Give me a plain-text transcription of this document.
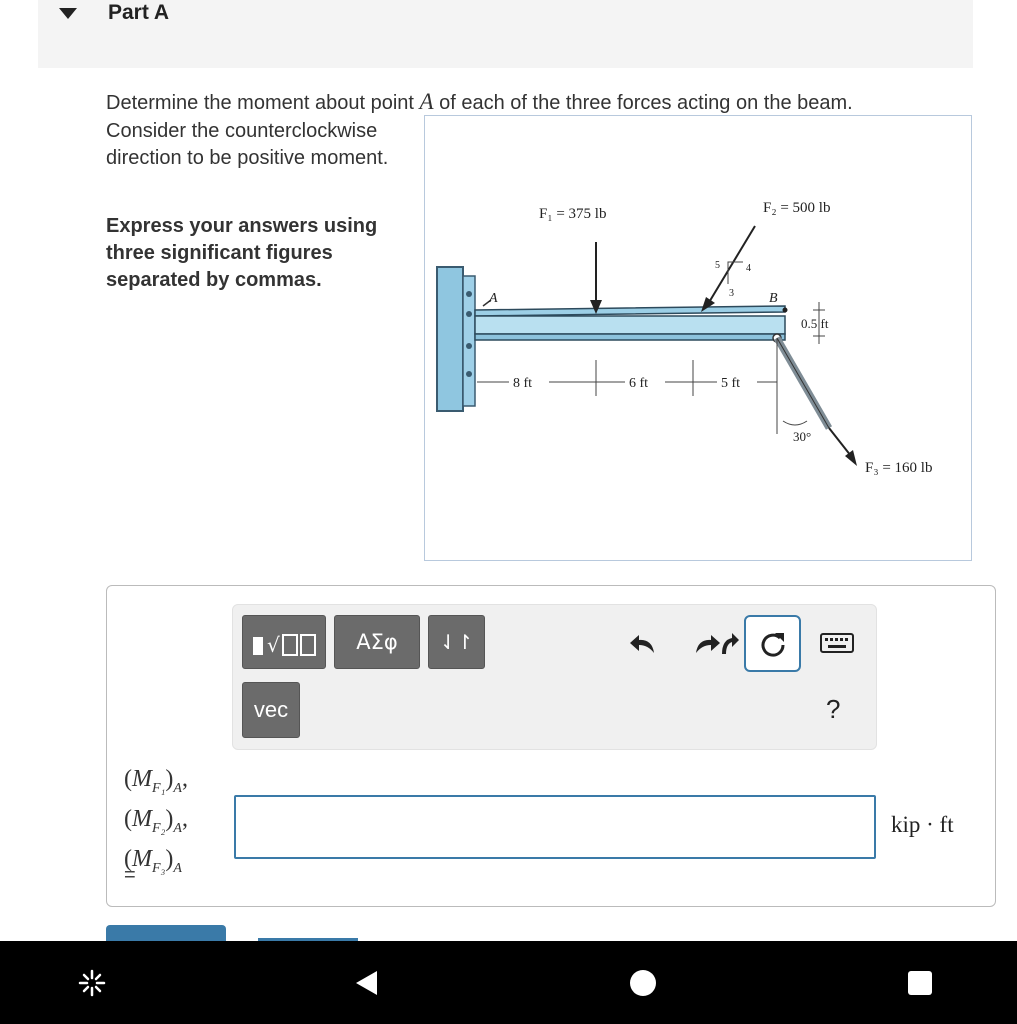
Part A
Determine the moment about point A of each of the three forces acting on the beam.
Consider the counterclockwise direction to be positive moment.
Express your answers using three significant figures separated by commas.
A
F₁ = 375 lb	F₂ = 500 lb
5	4
3	B
0.5 ft
F₃ = 160 lb
30°
8 ft	6 ft	5 ft
√	ΑΣφ	⇃↾
vec	?
$(M_{F_1})_A$,
$(M_{F_2})_A$,
$(M_{F_3})_A$
=
kip · ft
